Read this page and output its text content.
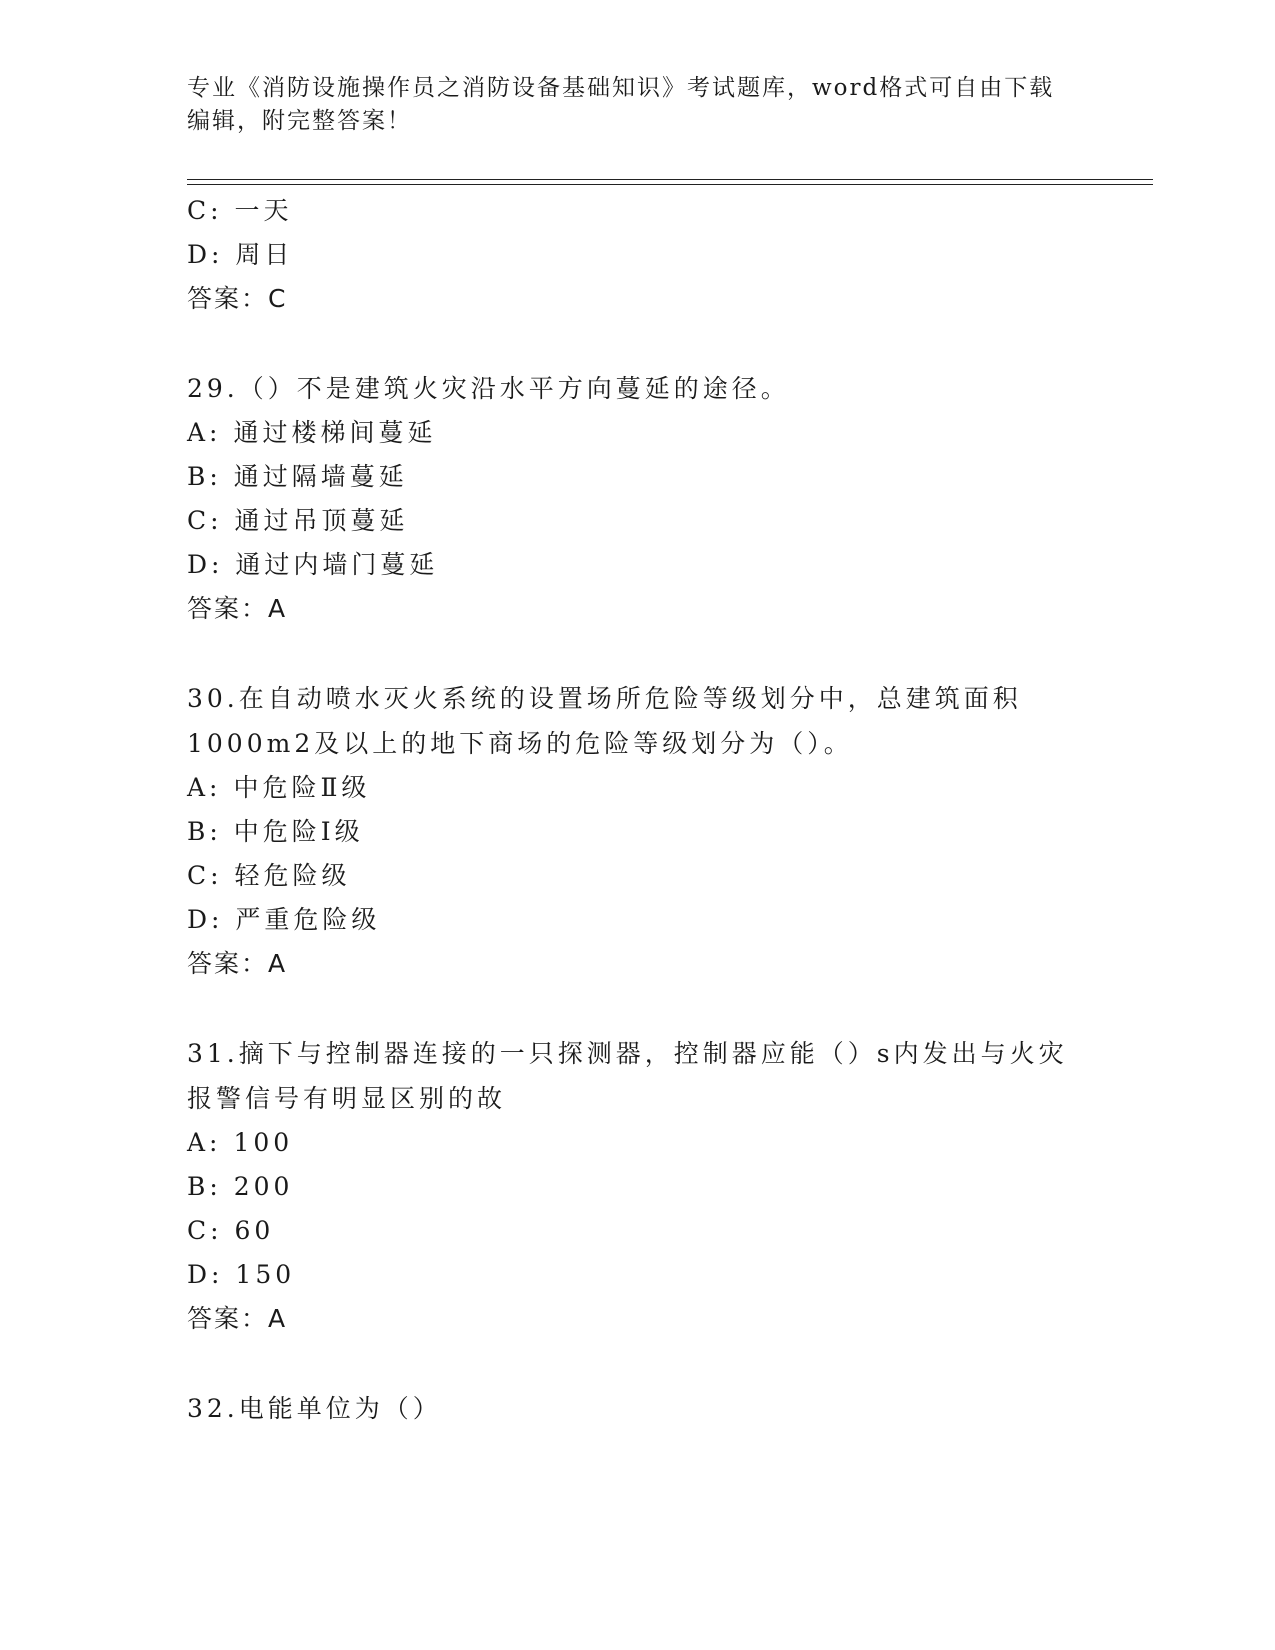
专业《消防设施操作员之消防设备基础知识》考试题库，word格式可自由下载编辑，附完整答案！
C: 一天
D: 周日
答案：C
29.（）不是建筑火灾沿水平方向蔓延的途径。
A: 通过楼梯间蔓延
B: 通过隔墙蔓延
C: 通过吊顶蔓延
D: 通过内墙门蔓延
答案：A
30.在自动喷水灭火系统的设置场所危险等级划分中，总建筑面积
1000m2及以上的地下商场的危险等级划分为（）。
A: 中危险Ⅱ级
B: 中危险Ⅰ级
C: 轻危险级
D: 严重危险级
答案：A
31.摘下与控制器连接的一只探测器，控制器应能（）s内发出与火灾
报警信号有明显区别的故
A: 100
B: 200
C: 60
D: 150
答案：A
32.电能单位为（）
